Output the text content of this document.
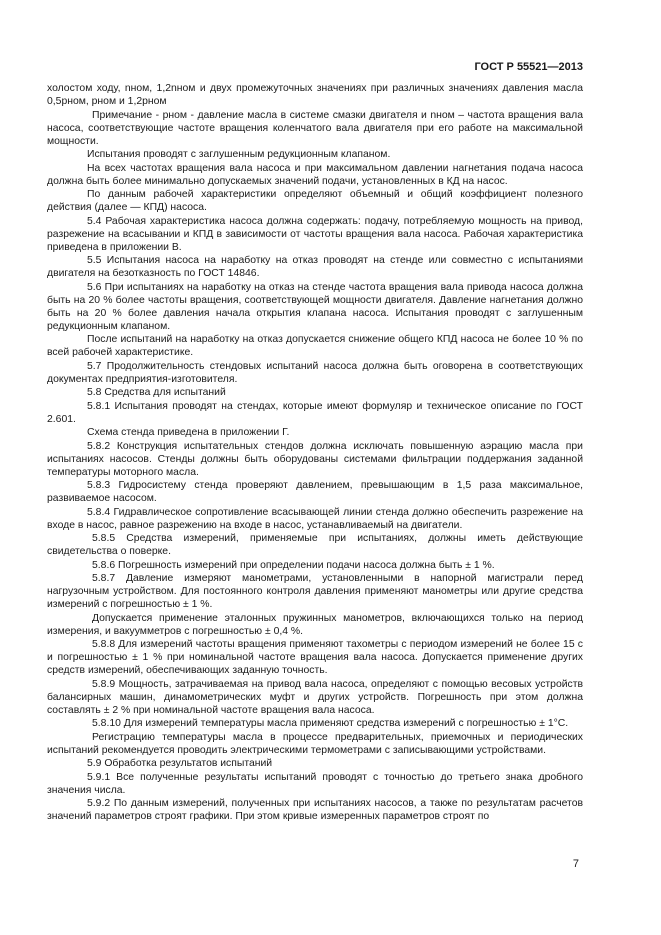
ГОСТ Р 55521—2013

холостом ходу, nном, 1,2nном и двух промежуточных значениях при различных значениях давления масла 0,5pном, pном и 1,2pном

Примечание - pном - давление масла в системе смазки двигателя и nном – частота вращения вала насоса, соответствующие частоте вращения коленчатого вала двигателя при его работе на максимальной мощности.

Испытания проводят с заглушенным редукционным клапаном.

На всех частотах вращения вала насоса и при максимальном давлении нагнетания подача насоса должна быть более минимально допускаемых значений подачи, установленных в КД на насос.

По данным рабочей характеристики определяют объемный и общий коэффициент полезного действия (далее — КПД) насоса.

5.4 Рабочая характеристика насоса должна содержать: подачу, потребляемую мощность на привод, разрежение на всасывании и КПД в зависимости от частоты вращения вала насоса. Рабочая характеристика приведена в приложении В.

5.5 Испытания насоса на наработку на отказ проводят на стенде или совместно с испытаниями двигателя на безотказность по ГОСТ 14846.

5.6 При испытаниях на наработку на отказ на стенде частота вращения вала привода насоса должна быть на 20 % более частоты вращения, соответствующей мощности двигателя. Давление нагнетания должно быть на 20 % более давления начала открытия клапана насоса. Испытания проводят с заглушенным редукционным клапаном.

После испытаний на наработку на отказ допускается снижение общего КПД насоса не более 10 % по всей рабочей характеристике.

5.7 Продолжительность стендовых испытаний насоса должна быть оговорена в соответствующих документах предприятия-изготовителя.

5.8 Средства для испытаний

5.8.1 Испытания проводят на стендах, которые имеют формуляр и техническое описание по ГОСТ 2.601.

Схема стенда приведена в приложении Г.

5.8.2 Конструкция испытательных стендов должна исключать повышенную аэрацию масла при испытаниях насосов. Стенды должны быть оборудованы системами фильтрации поддержания заданной температуры моторного масла.

5.8.3 Гидросистему стенда проверяют давлением, превышающим в 1,5 раза максимальное, развиваемое насосом.

5.8.4 Гидравлическое сопротивление всасывающей линии стенда должно обеспечить разрежение на входе в насос, равное разрежению на входе в насос, устанавливаемый на двигатели.

5.8.5 Средства измерений, применяемые при испытаниях, должны иметь действующие свидетельства о поверке.

5.8.6 Погрешность измерений при определении подачи насоса должна быть ± 1 %.

5.8.7 Давление измеряют манометрами, установленными в напорной магистрали перед нагрузочным устройством. Для постоянного контроля давления применяют манометры или другие средства измерений с погрешностью ± 1 %.

Допускается применение эталонных пружинных манометров, включающихся только на период измерения, и вакуумметров с погрешностью ± 0,4 %.

5.8.8 Для измерений частоты вращения применяют тахометры с периодом измерений не более 15 с и погрешностью ± 1 % при номинальной частоте вращения вала насоса. Допускается применение других средств измерений, обеспечивающих заданную точность.

5.8.9 Мощность, затрачиваемая на привод вала насоса, определяют с помощью весовых устройств балансирных машин, динамометрических муфт и других устройств. Погрешность при этом должна составлять ± 2 % при номинальной частоте вращения вала насоса.

5.8.10 Для измерений температуры масла применяют средства измерений с погрешностью ± 1°С.

Регистрацию температуры масла в процессе предварительных, приемочных и периодических испытаний рекомендуется проводить электрическими термометрами с записывающими устройствами.

5.9 Обработка результатов испытаний

5.9.1 Все полученные результаты испытаний проводят с точностью до третьего знака дробного значения числа.

5.9.2 По данным измерений, полученных при испытаниях насосов, а также по результатам расчетов значений параметров строят графики. При этом кривые измеренных параметров строят по

7
